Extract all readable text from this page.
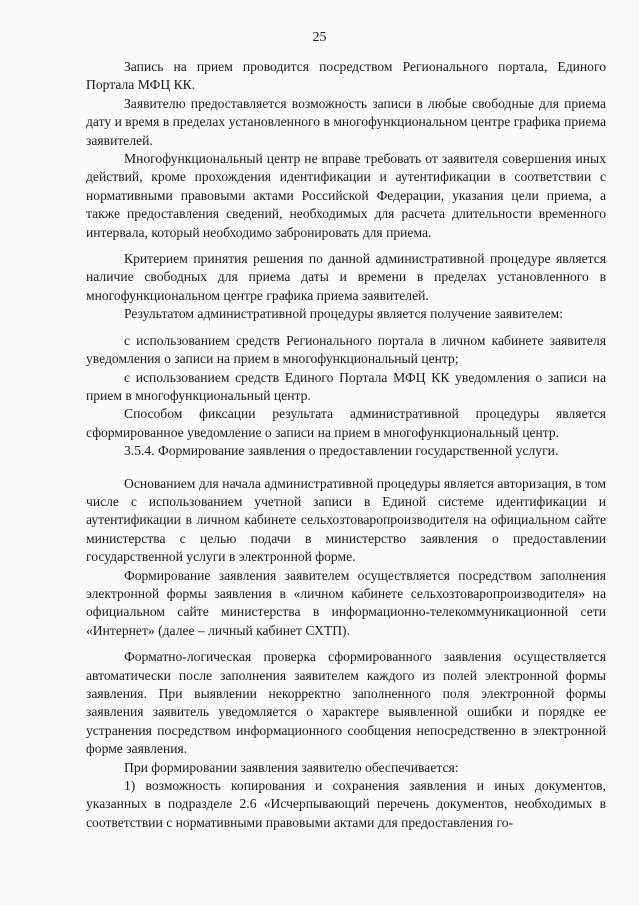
25

Запись на прием проводится посредством Регионального портала, Единого Портала МФЦ КК.

Заявителю предоставляется возможность записи в любые свободные для приема дату и время в пределах установленного в многофункциональном центре графика приема заявителей.

Многофункциональный центр не вправе требовать от заявителя совершения иных действий, кроме прохождения идентификации и аутентификации в соответствии с нормативными правовыми актами Российской Федерации, указания цели приема, а также предоставления сведений, необходимых для расчета длительности временного интервала, который необходимо забронировать для приема.

Критерием принятия решения по данной административной процедуре является наличие свободных для приема даты и времени в пределах установленного в многофункциональном центре графика приема заявителей.

Результатом административной процедуры является получение заявителем:

с использованием средств Регионального портала в личном кабинете заявителя уведомления о записи на прием в многофункциональный центр;

с использованием средств Единого Портала МФЦ КК уведомления о записи на прием в многофункциональный центр.

Способом фиксации результата административной процедуры является сформированное уведомление о записи на прием в многофункциональный центр.

3.5.4. Формирование заявления о предоставлении государственной услуги.

Основанием для начала административной процедуры является авторизация, в том числе с использованием учетной записи в Единой системе идентификации и аутентификации в личном кабинете сельхозтоваропроизводителя на официальном сайте министерства с целью подачи в министерство заявления о предоставлении государственной услуги в электронной форме.

Формирование заявления заявителем осуществляется посредством заполнения электронной формы заявления в «личном кабинете сельхозтоваропроизводителя» на официальном сайте министерства в информационно-телекоммуникационной сети «Интернет» (далее – личный кабинет СХТП).

Форматно-логическая проверка сформированного заявления осуществляется автоматически после заполнения заявителем каждого из полей электронной формы заявления. При выявлении некорректно заполненного поля электронной формы заявления заявитель уведомляется о характере выявленной ошибки и порядке ее устранения посредством информационного сообщения непосредственно в электронной форме заявления.

При формировании заявления заявителю обеспечивается:

1) возможность копирования и сохранения заявления и иных документов, указанных в подразделе 2.6 «Исчерпывающий перечень документов, необходимых в соответствии с нормативными правовыми актами для предоставления го-
